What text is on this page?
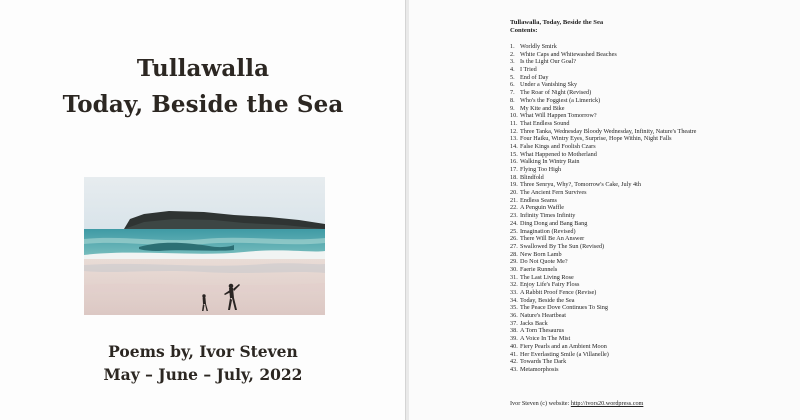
Tullawalla
Today, Beside the Sea
Poems by, Ivor Steven
May – June – July, 2022
Tullawalla, Today, Beside the Sea
Contents:
1. Worldly Smirk
2. White Caps and Whitewashed Beaches
3. Is the Light Our Goal?
4. I Tried
5. End of Day
6. Under a Vanishing Sky
7. The Roar of Night (Revised)
8. Who's the Foggiest (a Limerick)
9. My Kite and Bike
10. What Will Happen Tomorrow?
11. That Endless Sound
12. Three Tanka, Wednesday Bloody Wednesday, Infinity, Nature's Theatre
13. Four Haiku, Wintry Eyes, Surprise, Hope Within, Night Falls
14. False Kings and Foolish Czars
15. What Happened to Motherland
16. Walking In Wintry Rain
17. Flying Too High
18. Blindfold
19. Three Senryu, Why?, Tomorrow's Cake, July 4th
20. The Ancient Fern Survives
21. Endless Seams
22. A Penguin Waffle
23. Infinity Times Infinity
24. Ding Dong and Bang Bang
25. Imagination (Revised)
26. There Will Be An Answer
27. Swallowed By The Sun (Revised)
28. New Born Lamb
29. Do Not Quote Me?
30. Faerie Runnels
31. The Last Living Rose
32. Enjoy Life's Fairy Floss
33. A Rabbit Proof Fence (Revise)
34. Today, Beside the Sea
35. The Peace Dove Continues To Sing
36. Nature's Heartbeat
37. Jacks Back
38. A Torn Thesaurus
39. A Voice In The Mist
40. Fiery Pearls and an Ambient Moon
41. Her Everlasting Smile (a Villanelle)
42. Towards The Dark
43. Metamorphosis
Ivor Steven (c) website: http://ivors20.wordpress.com
